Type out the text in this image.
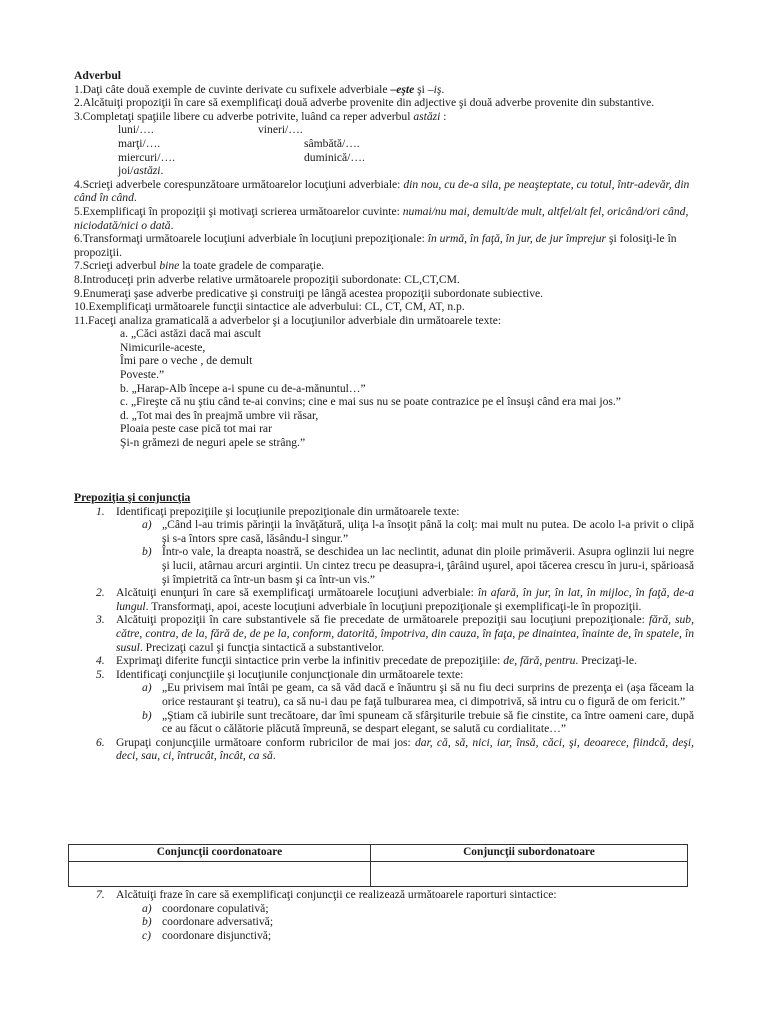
Adverbul

1.Daţi câte două exemple de cuvinte derivate cu sufixele adverbiale –eşte şi –iş.

2.Alcătuiţi propoziţii în care să exemplificaţi două adverbe provenite din adjective şi două adverbe provenite din substantive.

3.Completaţi spaţiile libere cu adverbe potrivite, luând ca reper adverbul astăzi :

luni/….	vineri/….

marţi/….	sâmbătă/….

miercuri/….	duminică/….

joi/astăzi.

4.Scrieţi adverbele corespunzătoare următoarelor locuţiuni adverbiale: din nou, cu de-a sila, pe neaşteptate, cu totul, într-adevăr, din când în când.

5.Exemplificaţi în propoziţii şi motivaţi scrierea următoarelor cuvinte: numai/nu mai, demult/de mult, altfel/alt fel, oricând/ori când, niciodată/nici o dată.

6.Transformaţi următoarele locuţiuni adverbiale în locuţiuni prepoziţionale: în urmă, în faţă, în jur, de jur împrejur şi folosiţi-le în propoziţii.

7.Scrieţi adverbul bine la toate gradele de comparaţie.

8.Introduceţi prin adverbe relative următoarele propoziţii subordonate: CL,CT,CM.

9.Enumeraţi şase adverbe predicative şi construiţi pe lângă acestea propoziţii subordonate subiective.

10.Exemplificaţi următoarele funcţii sintactice ale adverbului: CL, CT, CM, AT, n.p.

11.Faceţi analiza gramaticală a adverbelor şi a locuţiunilor adverbiale din următoarele texte:

a. „Căci astăzi dacă mai ascult

Nimicurile-aceste,

Îmi pare o veche , de demult

Poveste.”

b. „Harap-Alb începe a-i spune cu de-a-mănuntul…”

c. „Fireşte că nu ştiu când te-ai convins; cine e mai sus nu se poate contrazice pe el însuşi când era mai jos.”

d. „Tot mai des în preajmă umbre vii răsar,

Ploaia peste case pică tot mai rar

Şi-n grămezi de neguri apele se strâng.”

Prepoziţia şi conjuncţia

1. Identificaţi prepoziţiile şi locuţiunile prepoziţionale din următoarele texte:
a) „Când l-au trimis părinţii la învăţătură, uliţa l-a însoţit până la colţ: mai mult nu putea. De acolo l-a privit o clipă şi s-a întors spre casă, lăsându-l singur.”
b) Într-o vale, la dreapta noastră, se deschidea un lac neclintit, adunat din ploile primăverii. Asupra oglinzii lui negre şi lucii, atârnau arcuri argintii. Un cintez trecu pe deasupra-i, ţârâind uşurel, apoi tăcerea crescu în juru-i, spărioasă şi împietrită ca într-un basm şi ca într-un vis.”
2. Alcătuiţi enunţuri în care să exemplificaţi următoarele locuţiuni adverbiale: în afară, în jur, în lat, în mijloc, în faţă, de-a lungul. Transformaţi, apoi, aceste locuţiuni adverbiale în locuţiuni prepoziţionale şi exemplificaţi-le în propoziţii.
3. Alcătuiţi propoziţii în care substantivele să fie precedate de următoarele prepoziţii sau locuţiuni prepoziţionale: fără, sub, către, contra, de la, fără de, de pe la, conform, datorită, împotriva, din cauza, în faţa, pe dinaintea, înainte de, în spatele, în susul. Precizaţi cazul şi funcţia sintactică a substantivelor.
4. Exprimaţi diferite funcţii sintactice prin verbe la infinitiv precedate de prepoziţiile: de, fără, pentru. Precizaţi-le.
5. Identificaţi conjuncţiile şi locuţiunile conjuncţionale din următoarele texte:
a) „Eu privisem mai întâi pe geam, ca să văd dacă e înăuntru şi să nu fiu deci surprins de prezenţa ei (aşa făceam la orice restaurant şi teatru), ca să nu-i dau pe faţă tulburarea mea, ci dimpotrivă, să intru cu o figură de om fericit.”
b) „Ştiam că iubirile sunt trecătoare, dar îmi spuneam că sfârşiturile trebuie să fie cinstite, ca între oameni care, după ce au făcut o călătorie plăcută împreună, se despart elegant, se salută cu cordialitate…”
6. Grupaţi conjuncţiile următoare conform rubricilor de mai jos: dar, că, să, nici, iar, însă, căci, şi, deoarece, fiindcă, deşi, deci, sau, ci, întrucât, încât, ca să.
Conjuncţii coordonatoare	Conjuncţii subordonatoare

7. Alcătuiţi fraze în care să exemplificaţi conjuncţii ce realizează următoarele raporturi sintactice:
a) coordonare copulativă;
b) coordonare adversativă;
c) coordonare disjunctivă;
